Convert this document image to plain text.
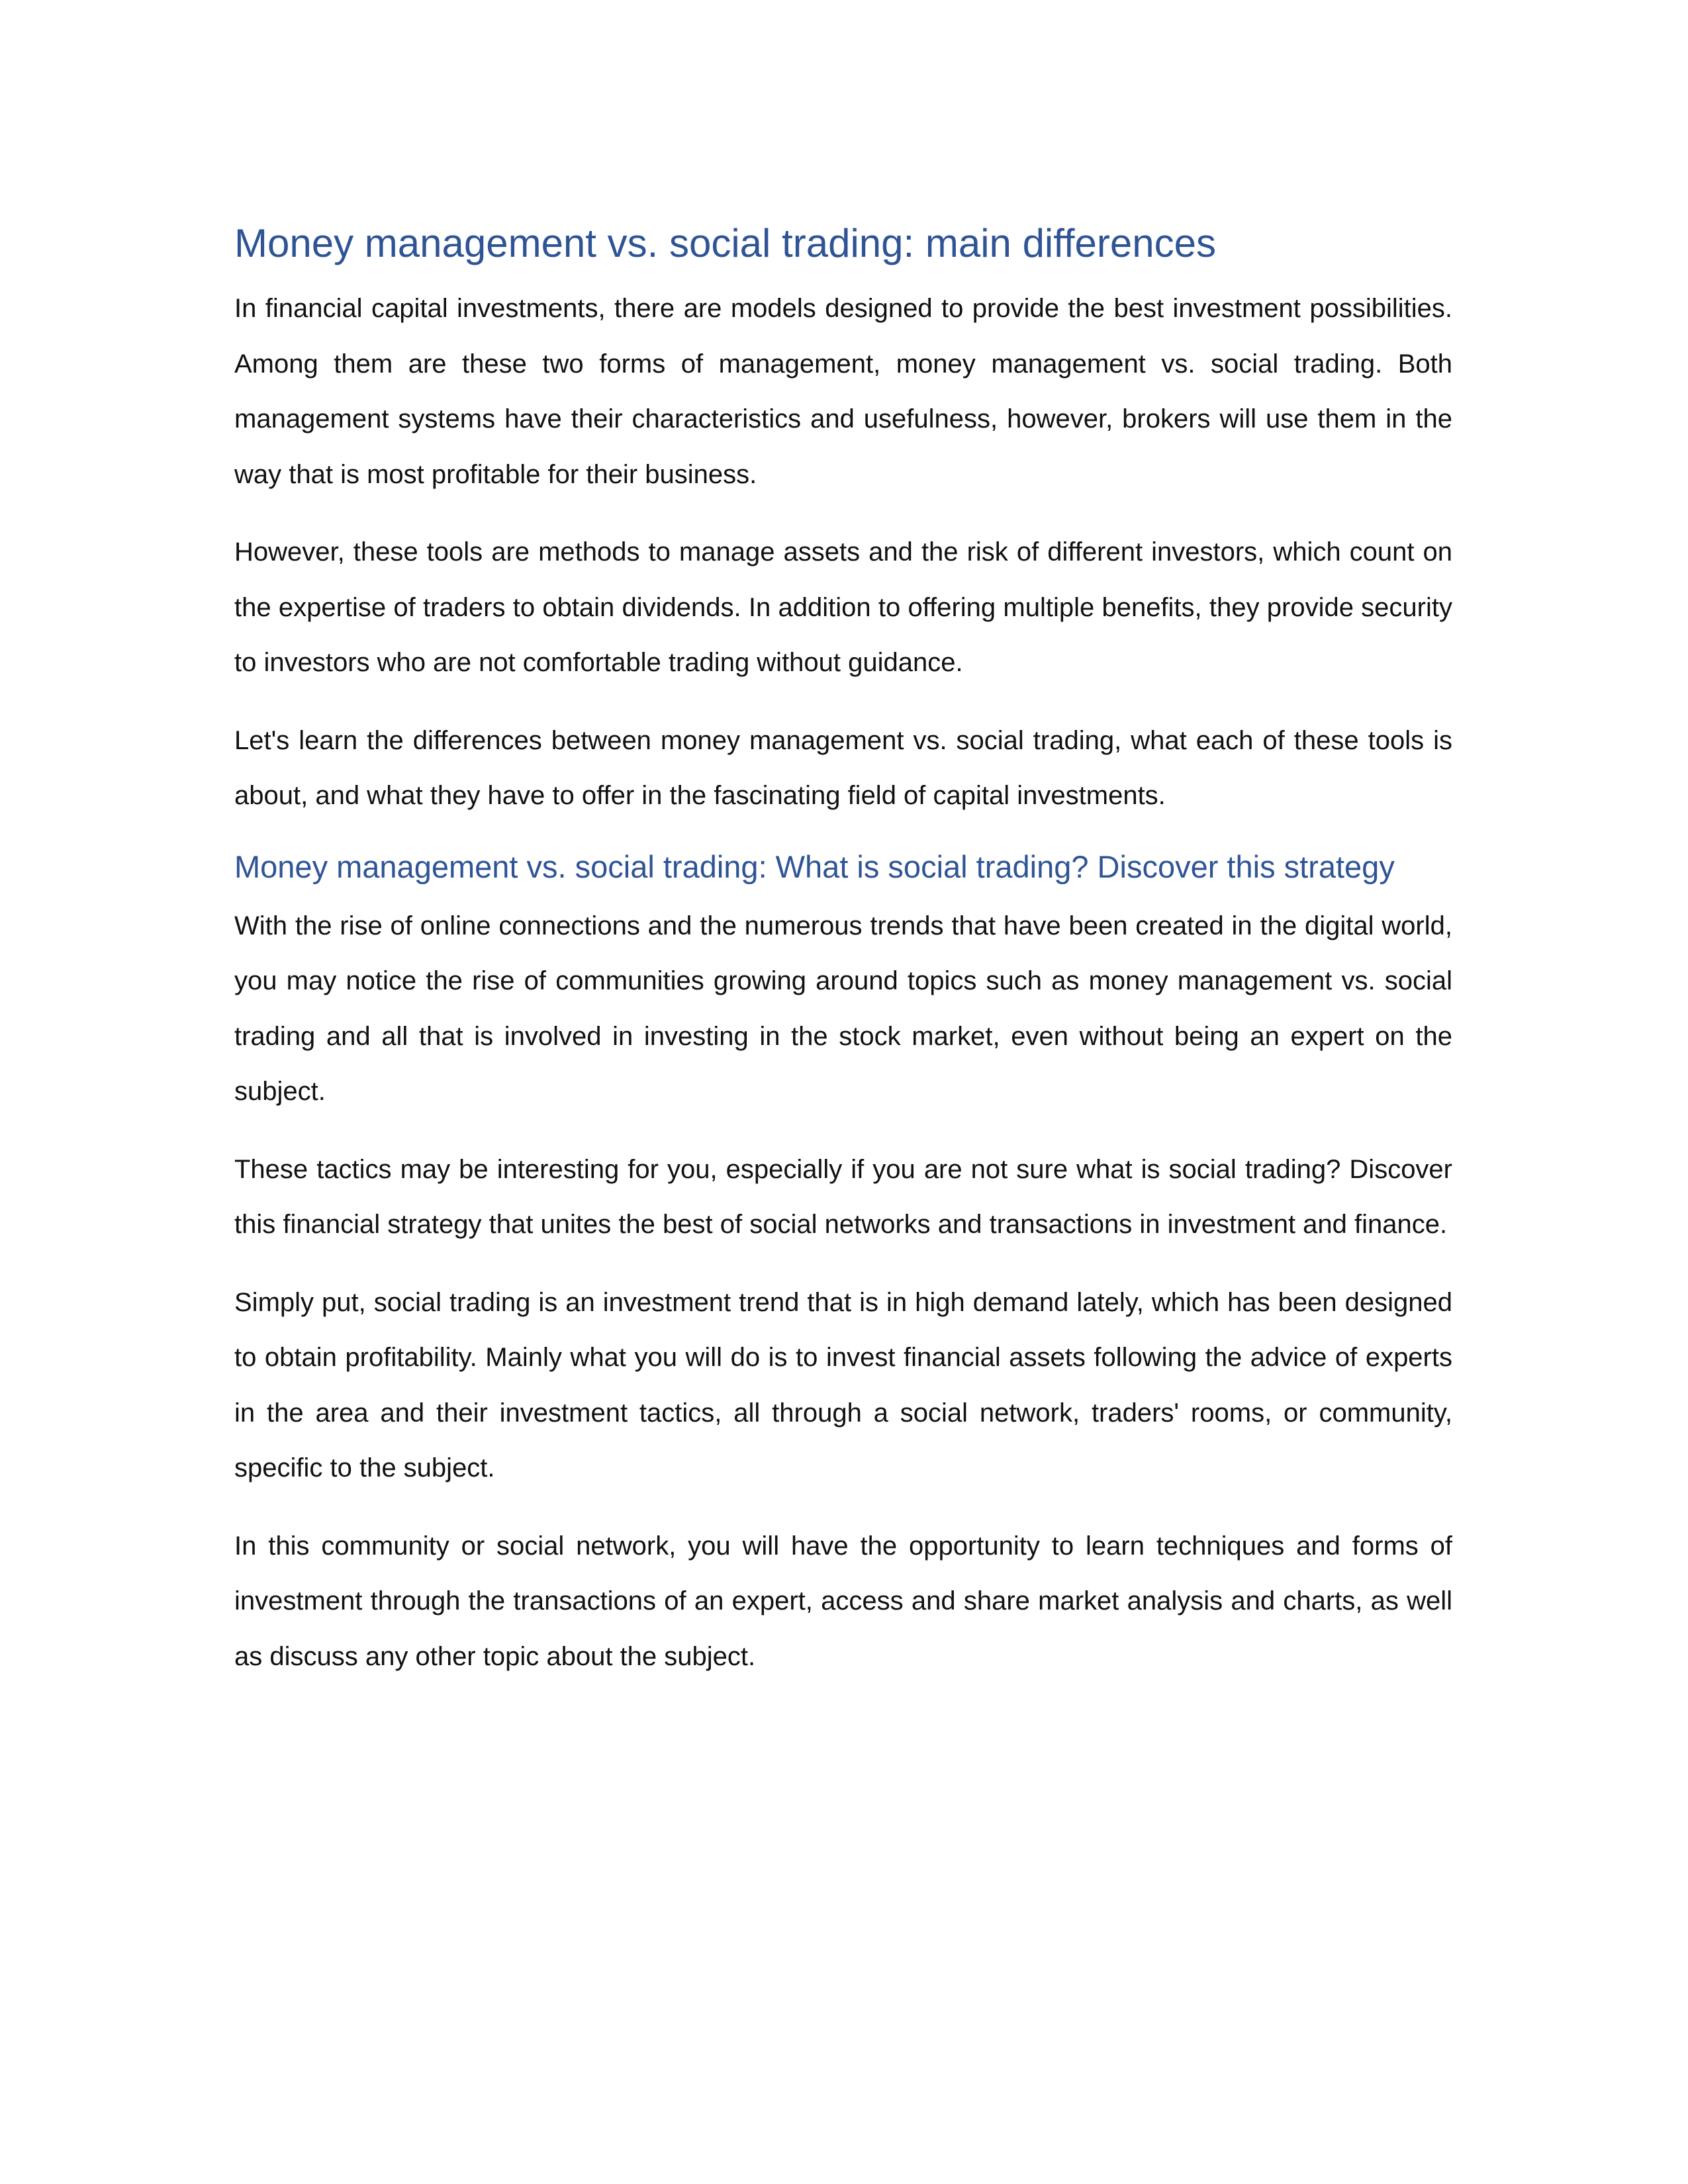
Money management vs. social trading: main differences

In financial capital investments, there are models designed to provide the best investment possibilities. Among them are these two forms of management, money management vs. social trading. Both management systems have their characteristics and usefulness, however, brokers will use them in the way that is most profitable for their business.

However, these tools are methods to manage assets and the risk of different investors, which count on the expertise of traders to obtain dividends. In addition to offering multiple benefits, they provide security to investors who are not comfortable trading without guidance.

Let's learn the differences between money management vs. social trading, what each of these tools is about, and what they have to offer in the fascinating field of capital investments.

Money management vs. social trading: What is social trading? Discover this strategy

With the rise of online connections and the numerous trends that have been created in the digital world, you may notice the rise of communities growing around topics such as money management vs. social trading and all that is involved in investing in the stock market, even without being an expert on the subject.

These tactics may be interesting for you, especially if you are not sure what is social trading? Discover this financial strategy that unites the best of social networks and transactions in investment and finance.

Simply put, social trading is an investment trend that is in high demand lately, which has been designed to obtain profitability. Mainly what you will do is to invest financial assets following the advice of experts in the area and their investment tactics, all through a social network, traders' rooms, or community, specific to the subject.

In this community or social network, you will have the opportunity to learn techniques and forms of investment through the transactions of an expert, access and share market analysis and charts, as well as discuss any other topic about the subject.
